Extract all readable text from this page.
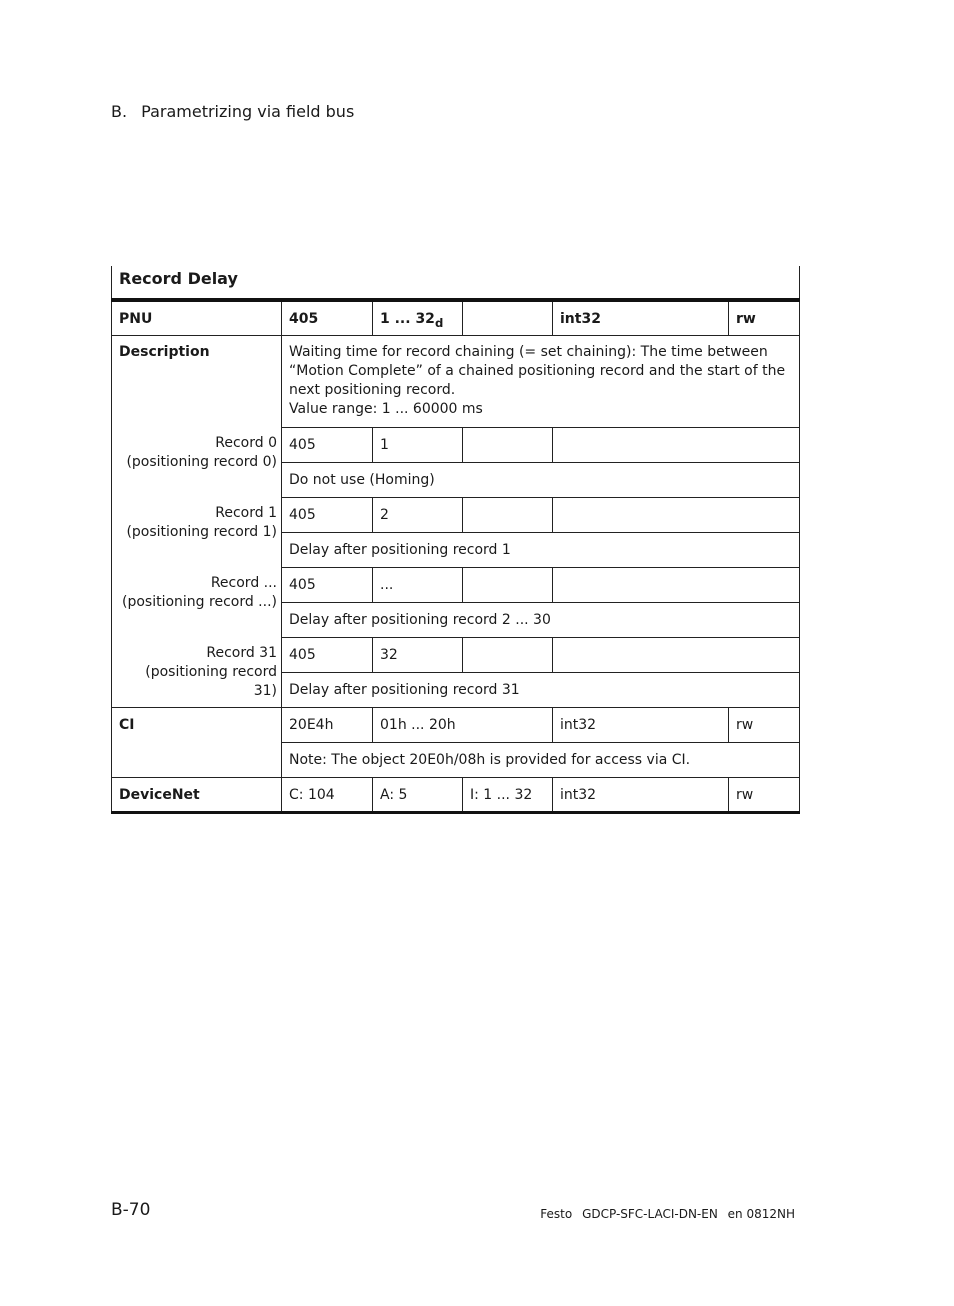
B. Parametrizing via field bus
Record Delay					
PNU	405	1 ... $32_d$		int32	rw
Description	Waiting time for record chaining (= set chaining): The time between
“Motion Complete” of a chained positioning record and the start of the
next positioning record.
Value range: 1 ... 60000 ms				

Record 0
(positioning record 0)	405	1			
	Do not use (Homing)				

Record 1
(positioning record 1)	405	2			
	Delay after positioning record 1				

Record ...
(positioning record ...)	405	...			
	Delay after positioning record 2 ... 30				

Record 31
(positioning record 31)	405	32			
	Delay after positioning record 31				
CI	20E4h	01h ... 20h		int32	rw
	Note: The object 20E0h/08h is provided for access via CI.				
DeviceNet	C: 104	A: 5	I: 1 ... 32	int32	rw
B-70	Festo GDCP-SFC-LACI-DN-EN en 0812NH
